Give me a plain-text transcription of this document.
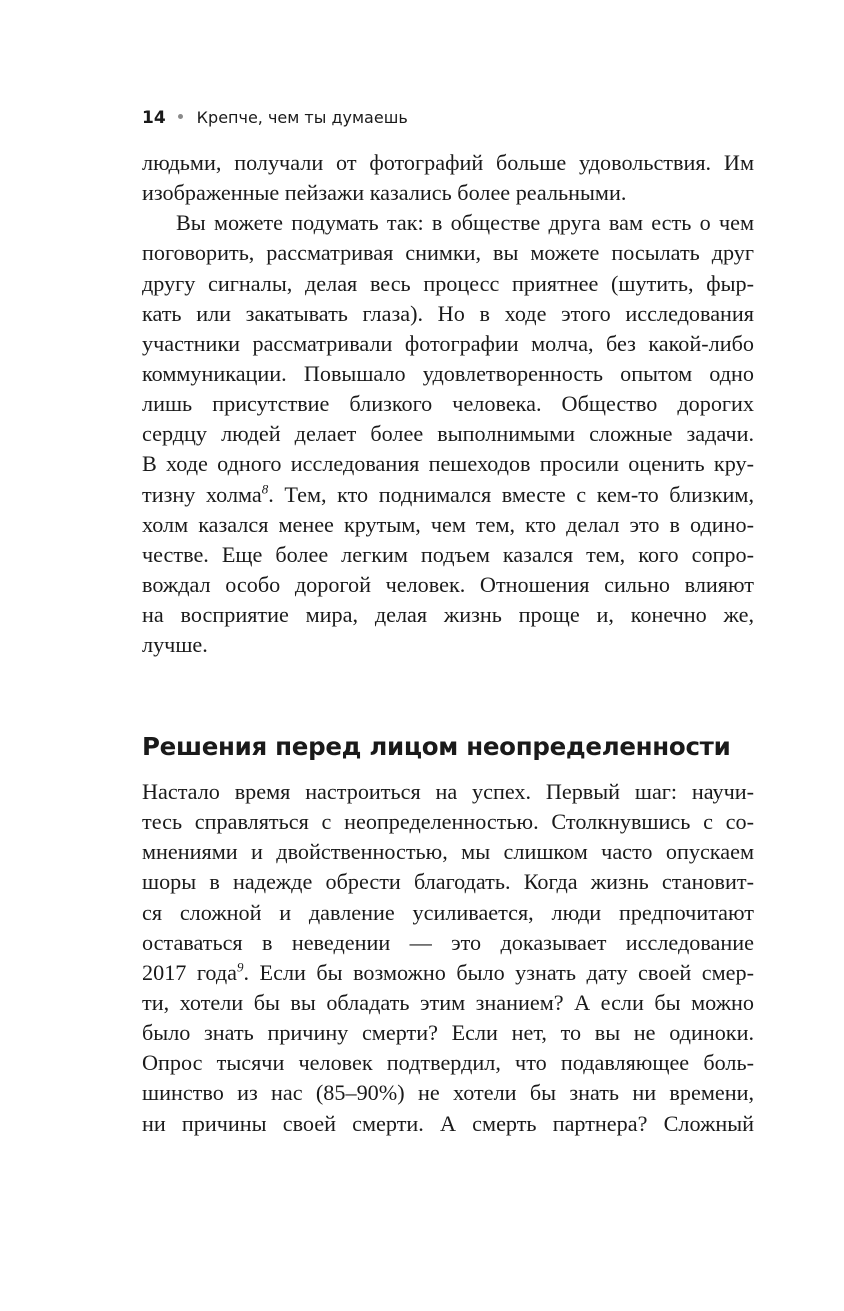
14 Крепче, чем ты думаешь
людьми, получали от фотографий больше удовольствия. Им
изображенные пейзажи казались более реальными.
Вы можете подумать так: в обществе друга вам есть о чем
поговорить, рассматривая снимки, вы можете посылать друг
другу сигналы, делая весь процесс приятнее (шутить, фыр-
кать или закатывать глаза). Но в ходе этого исследования
участники рассматривали фотографии молча, без какой-либо
коммуникации. Повышало удовлетворенность опытом одно
лишь присутствие близкого человека. Общество дорогих
сердцу людей делает более выполнимыми сложные задачи.
В ходе одного исследования пешеходов просили оценить кру-
тизну холма$^8$. Тем, кто поднимался вместе с кем-то близким,
холм казался менее крутым, чем тем, кто делал это в одино-
честве. Еще более легким подъем казался тем, кого сопро-
вождал особо дорогой человек. Отношения сильно влияют
на восприятие мира, делая жизнь проще и, конечно же,
лучше.
Решения перед лицом неопределенности
Настало время настроиться на успех. Первый шаг: научи-
тесь справляться с неопределенностью. Столкнувшись с со-
мнениями и двойственностью, мы слишком часто опускаем
шоры в надежде обрести благодать. Когда жизнь становит-
ся сложной и давление усиливается, люди предпочитают
оставаться в неведении — это доказывает исследование
2017 года$^9$. Если бы возможно было узнать дату своей смер-
ти, хотели бы вы обладать этим знанием? А если бы можно
было знать причину смерти? Если нет, то вы не одиноки.
Опрос тысячи человек подтвердил, что подавляющее боль-
шинство из нас (85–90%) не хотели бы знать ни времени,
ни причины своей смерти. А смерть партнера? Сложный
